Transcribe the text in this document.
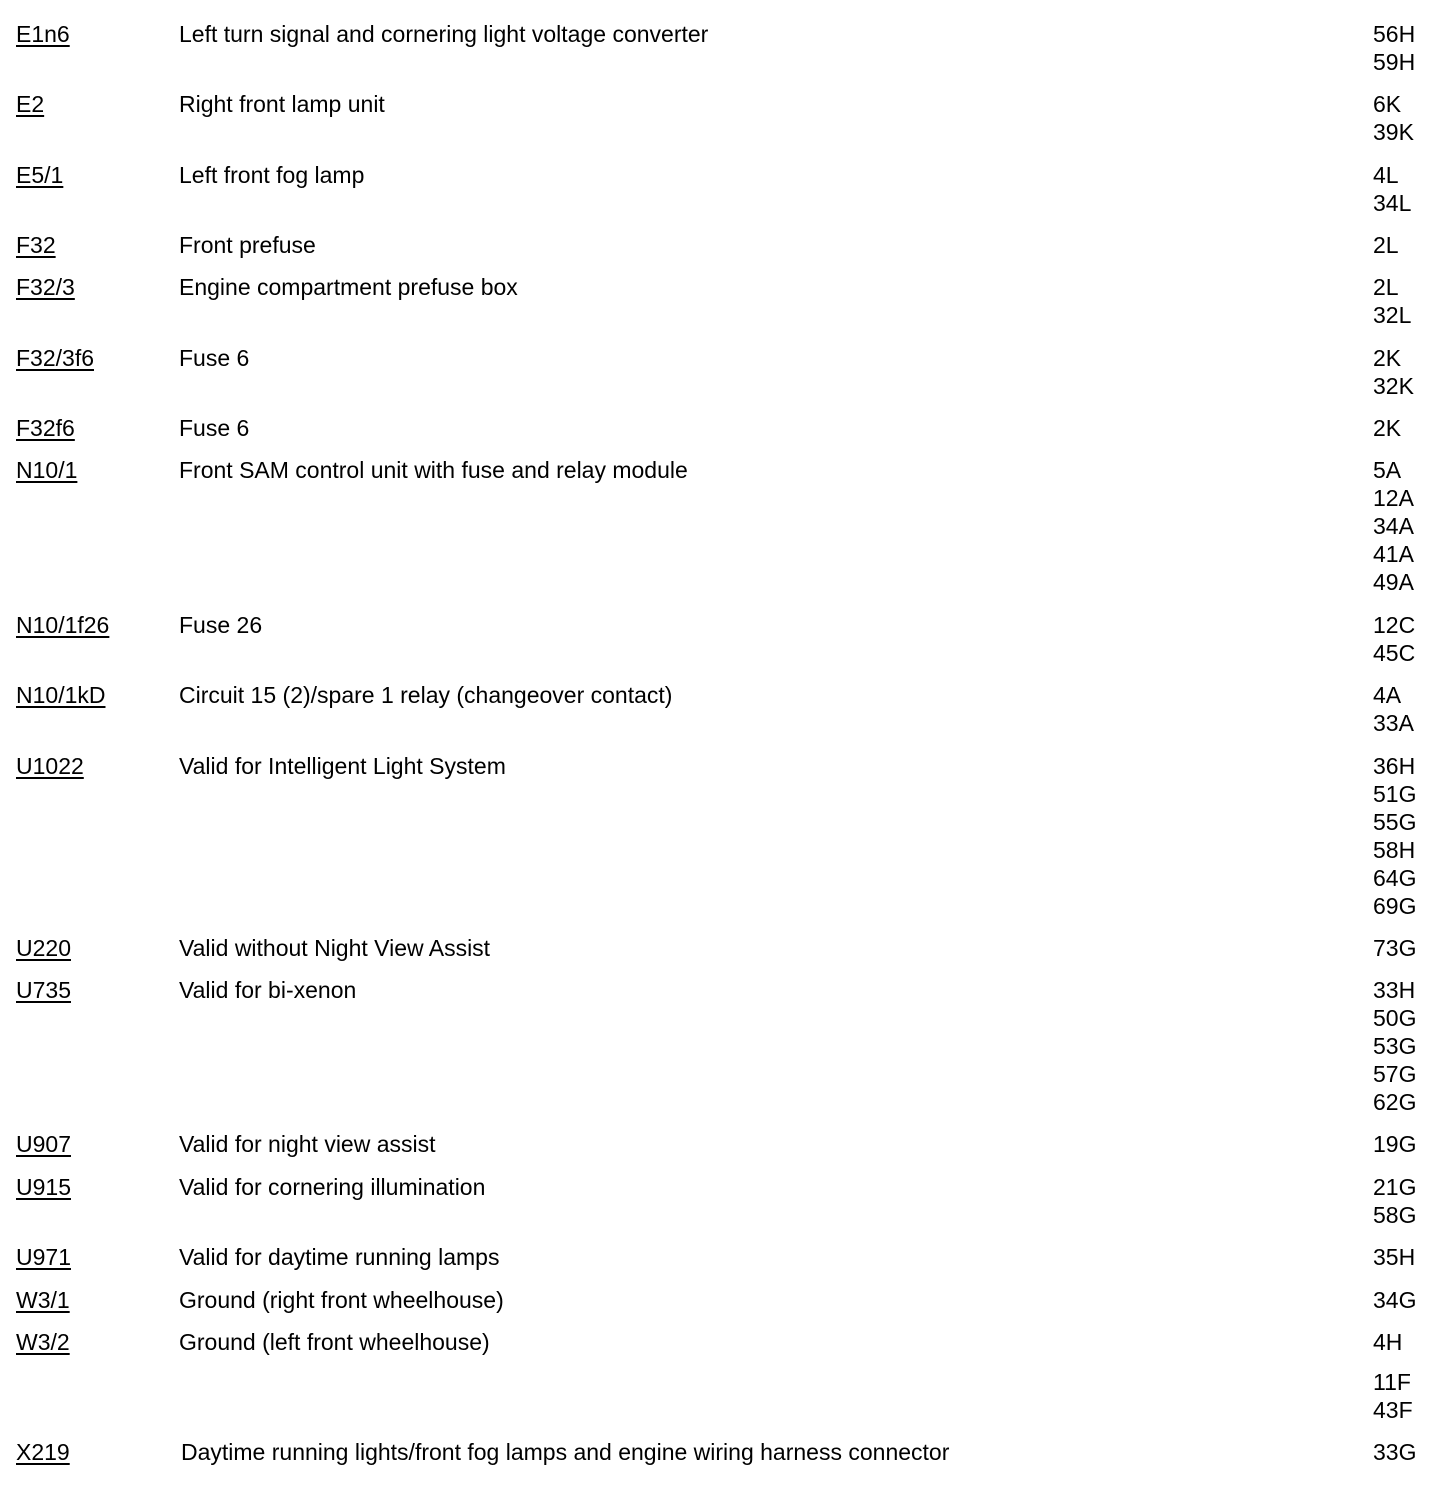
E1n6	Left turn signal and cornering light voltage converter	56H
59H
E2	Right front lamp unit	6K
39K
E5/1	Left front fog lamp	4L
34L
F32	Front prefuse	2L
F32/3	Engine compartment prefuse box	2L
32L
F32/3f6	Fuse 6	2K
32K
F32f6	Fuse 6	2K
N10/1	Front SAM control unit with fuse and relay module	5A
12A
34A
41A
49A
N10/1f26	Fuse 26	12C
45C
N10/1kD	Circuit 15 (2)/spare 1 relay (changeover contact)	4A
33A
U1022	Valid for Intelligent Light System	36H
51G
55G
58H
64G
69G
U220	Valid without Night View Assist	73G
U735	Valid for bi-xenon	33H
50G
53G
57G
62G
U907	Valid for night view assist	19G
U915	Valid for cornering illumination	21G
58G
U971	Valid for daytime running lamps	35H
W3/1	Ground (right front wheelhouse)	34G
W3/2	Ground (left front wheelhouse)	4H
11F
43F
X219	Daytime running lights/front fog lamps and engine wiring harness connector	33G
